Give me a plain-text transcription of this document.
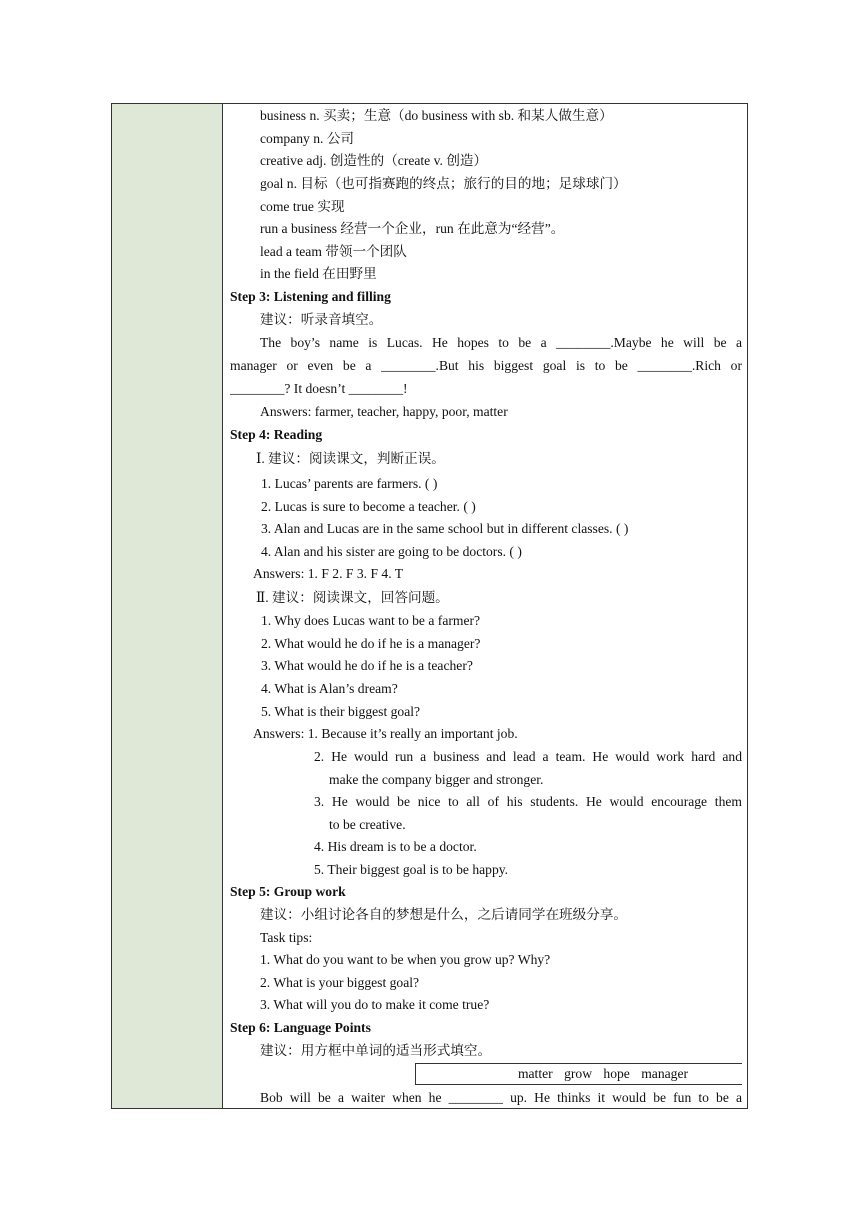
business n. 买卖；生意（do business with sb. 和某人做生意）
company n. 公司
creative adj. 创造性的（create v. 创造）
goal n. 目标（也可指赛跑的终点；旅行的目的地；足球球门）
come true 实现
run a business 经营一个企业，run 在此意为“经营”。
lead a team 带领一个团队
in the field 在田野里
Step 3: Listening and filling
建议：听录音填空。
The boy’s name is Lucas. He hopes to be a ________.Maybe he will be a
manager or even be a ________.But his biggest goal is to be ________.Rich or
________? It doesn’t ________!
Answers: farmer, teacher, happy, poor, matter
Step 4: Reading
Ⅰ. 建议：阅读课文，判断正误。
1. Lucas’ parents are farmers. ( )
2. Lucas is sure to become a teacher. ( )
3. Alan and Lucas are in the same school but in different classes. ( )
4. Alan and his sister are going to be doctors. ( )
Answers: 1. F 2. F 3. F 4. T
Ⅱ. 建议：阅读课文，回答问题。
1. Why does Lucas want to be a farmer?
2. What would he do if he is a manager?
3. What would he do if he is a teacher?
4. What is Alan’s dream?
5. What is their biggest goal?
Answers: 1. Because it’s really an important job.
2. He would run a business and lead a team. He would work hard and
make the company bigger and stronger.
3. He would be nice to all of his students. He would encourage them
to be creative.
4. His dream is to be a doctor.
5. Their biggest goal is to be happy.
Step 5: Group work
建议：小组讨论各自的梦想是什么，之后请同学在班级分享。
Task tips:
1. What do you want to be when you grow up? Why?
2. What is your biggest goal?
3. What will you do to make it come true?
Step 6: Language Points
建议：用方框中单词的适当形式填空。
matter grow hope manager
Bob will be a waiter when he ________ up. He thinks it would be fun to be a
